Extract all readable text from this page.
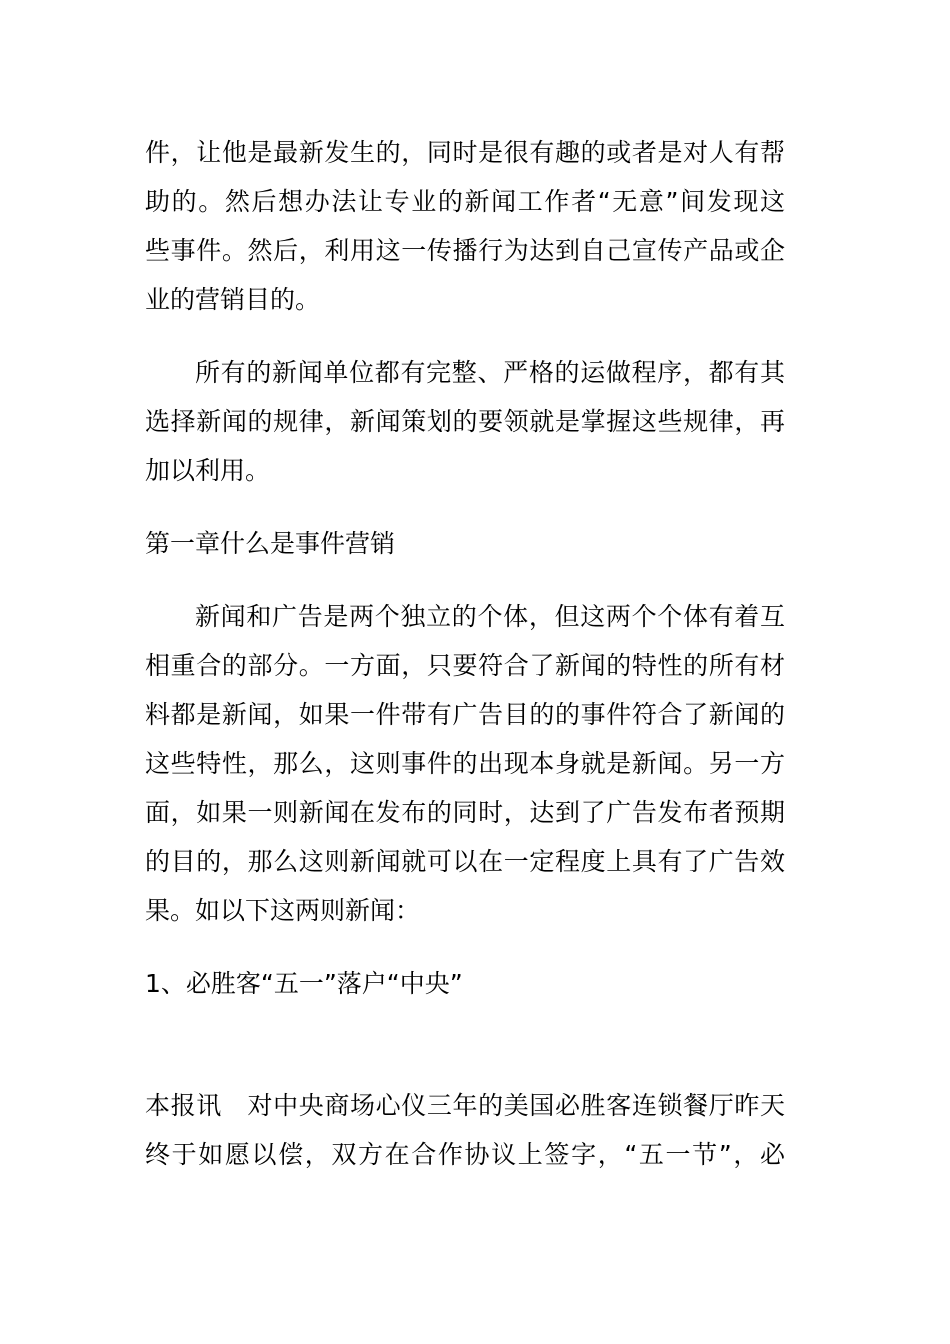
件，让他是最新发生的，同时是很有趣的或者是对人有帮
助的。然后想办法让专业的新闻工作者“无意”间发现这
些事件。然后，利用这一传播行为达到自己宣传产品或企
业的营销目的。
所有的新闻单位都有完整、严格的运做程序，都有其
选择新闻的规律，新闻策划的要领就是掌握这些规律，再
加以利用。
第一章什么是事件营销
新闻和广告是两个独立的个体，但这两个个体有着互
相重合的部分。一方面，只要符合了新闻的特性的所有材
料都是新闻，如果一件带有广告目的的事件符合了新闻的
这些特性，那么，这则事件的出现本身就是新闻。另一方
面，如果一则新闻在发布的同时，达到了广告发布者预期
的目的，那么这则新闻就可以在一定程度上具有了广告效
果。如以下这两则新闻：
1、必胜客“五一”落户“中央”
本报讯　对中央商场心仪三年的美国必胜客连锁餐厅昨天
终于如愿以偿，双方在合作协议上签字，“五一节”，必
